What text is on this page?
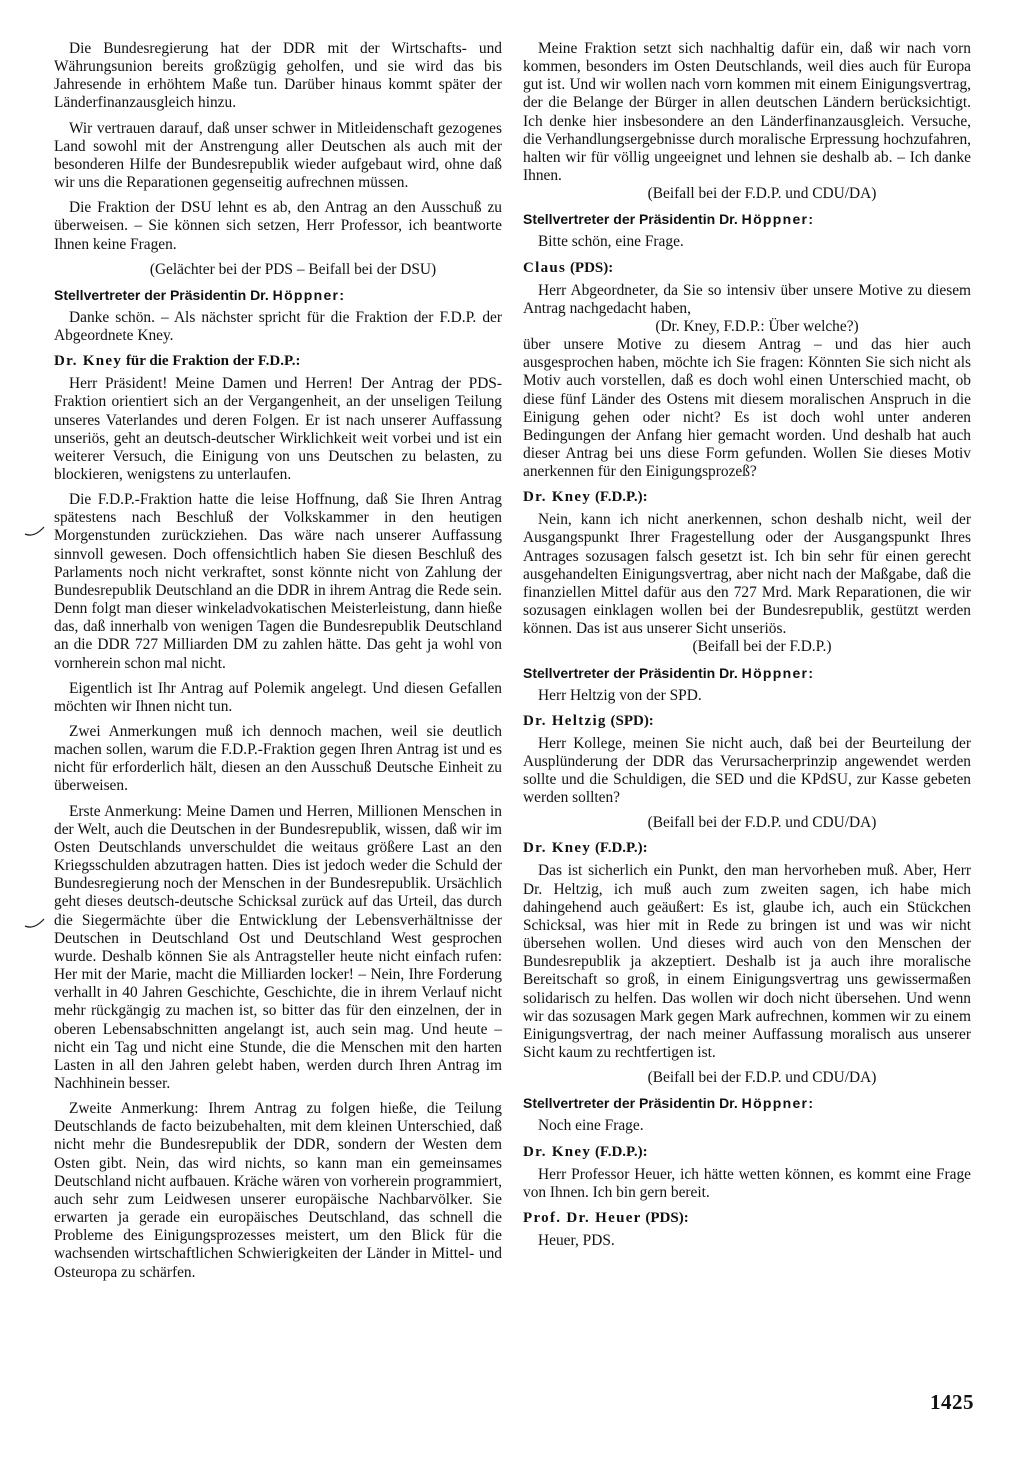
Die Bundesregierung hat der DDR mit der Wirtschafts- und Währungsunion bereits großzügig geholfen, und sie wird das bis Jahresende in erhöhtem Maße tun. Darüber hinaus kommt später der Länderfinanzausgleich hinzu.

Wir vertrauen darauf, daß unser schwer in Mitleidenschaft gezogenes Land sowohl mit der Anstrengung aller Deutschen als auch mit der besonderen Hilfe der Bundesrepublik wieder aufgebaut wird, ohne daß wir uns die Reparationen gegenseitig aufrechnen müssen.

Die Fraktion der DSU lehnt es ab, den Antrag an den Ausschuß zu überweisen. – Sie können sich setzen, Herr Professor, ich beantworte Ihnen keine Fragen.

(Gelächter bei der PDS – Beifall bei der DSU)

Stellvertreter der Präsidentin Dr. Höppner:

Danke schön. – Als nächster spricht für die Fraktion der F.D.P. der Abgeordnete Kney.

Dr. Kney für die Fraktion der F.D.P.:

Herr Präsident! Meine Damen und Herren! Der Antrag der PDS-Fraktion orientiert sich an der Vergangenheit, an der unseligen Teilung unseres Vaterlandes und deren Folgen. Er ist nach unserer Auffassung unseriös, geht an deutsch-deutscher Wirklichkeit weit vorbei und ist ein weiterer Versuch, die Einigung von uns Deutschen zu belasten, zu blockieren, wenigstens zu unterlaufen.

Die F.D.P.-Fraktion hatte die leise Hoffnung, daß Sie Ihren Antrag spätestens nach Beschluß der Volkskammer in den heutigen Morgenstunden zurückziehen. Das wäre nach unserer Auffassung sinnvoll gewesen. Doch offensichtlich haben Sie diesen Beschluß des Parlaments noch nicht verkraftet, sonst könnte nicht von Zahlung der Bundesrepublik Deutschland an die DDR in ihrem Antrag die Rede sein. Denn folgt man dieser winkeladvokatischen Meisterleistung, dann hieße das, daß innerhalb von wenigen Tagen die Bundesrepublik Deutschland an die DDR 727 Milliarden DM zu zahlen hätte. Das geht ja wohl von vornherein schon mal nicht.

Eigentlich ist Ihr Antrag auf Polemik angelegt. Und diesen Gefallen möchten wir Ihnen nicht tun.

Zwei Anmerkungen muß ich dennoch machen, weil sie deutlich machen sollen, warum die F.D.P.-Fraktion gegen Ihren Antrag ist und es nicht für erforderlich hält, diesen an den Ausschuß Deutsche Einheit zu überweisen.

Erste Anmerkung: Meine Damen und Herren, Millionen Menschen in der Welt, auch die Deutschen in der Bundesrepublik, wissen, daß wir im Osten Deutschlands unverschuldet die weitaus größere Last an den Kriegsschulden abzutragen hatten. Dies ist jedoch weder die Schuld der Bundesregierung noch der Menschen in der Bundesrepublik. Ursächlich geht dieses deutsch-deutsche Schicksal zurück auf das Urteil, das durch die Siegermächte über die Entwicklung der Lebensverhältnisse der Deutschen in Deutschland Ost und Deutschland West gesprochen wurde. Deshalb können Sie als Antragsteller heute nicht einfach rufen: Her mit der Marie, macht die Milliarden locker! – Nein, Ihre Forderung verhallt in 40 Jahren Geschichte, Geschichte, die in ihrem Verlauf nicht mehr rückgängig zu machen ist, so bitter das für den einzelnen, der in oberen Lebensabschnitten angelangt ist, auch sein mag. Und heute – nicht ein Tag und nicht eine Stunde, die die Menschen mit den harten Lasten in all den Jahren gelebt haben, werden durch Ihren Antrag im Nachhinein besser.

Zweite Anmerkung: Ihrem Antrag zu folgen hieße, die Teilung Deutschlands de facto beizubehalten, mit dem kleinen Unterschied, daß nicht mehr die Bundesrepublik der DDR, sondern der Westen dem Osten gibt. Nein, das wird nichts, so kann man ein gemeinsames Deutschland nicht aufbauen. Kräche wären von vorherein programmiert, auch sehr zum Leidwesen unserer europäische Nachbarvölker. Sie erwarten ja gerade ein europäisches Deutschland, das schnell die Probleme des Einigungsprozesses meistert, um den Blick für die wachsenden wirtschaftlichen Schwierigkeiten der Länder in Mittel- und Osteuropa zu schärfen.

Meine Fraktion setzt sich nachhaltig dafür ein, daß wir nach vorn kommen, besonders im Osten Deutschlands, weil dies auch für Europa gut ist. Und wir wollen nach vorn kommen mit einem Einigungsvertrag, der die Belange der Bürger in allen deutschen Ländern berücksichtigt. Ich denke hier insbesondere an den Länderfinanzausgleich. Versuche, die Verhandlungsergebnisse durch moralische Erpressung hochzufahren, halten wir für völlig ungeeignet und lehnen sie deshalb ab. – Ich danke Ihnen.

(Beifall bei der F.D.P. und CDU/DA)

Stellvertreter der Präsidentin Dr. Höppner:

Bitte schön, eine Frage.

Claus (PDS):

Herr Abgeordneter, da Sie so intensiv über unsere Motive zu diesem Antrag nachgedacht haben,

(Dr. Kney, F.D.P.: Über welche?)

über unsere Motive zu diesem Antrag – und das hier auch ausgesprochen haben, möchte ich Sie fragen: Könnten Sie sich nicht als Motiv auch vorstellen, daß es doch wohl einen Unterschied macht, ob diese fünf Länder des Ostens mit diesem moralischen Anspruch in die Einigung gehen oder nicht? Es ist doch wohl unter anderen Bedingungen der Anfang hier gemacht worden. Und deshalb hat auch dieser Antrag bei uns diese Form gefunden. Wollen Sie dieses Motiv anerkennen für den Einigungsprozeß?

Dr. Kney (F.D.P.):

Nein, kann ich nicht anerkennen, schon deshalb nicht, weil der Ausgangspunkt Ihrer Fragestellung oder der Ausgangspunkt Ihres Antrages sozusagen falsch gesetzt ist. Ich bin sehr für einen gerecht ausgehandelten Einigungsvertrag, aber nicht nach der Maßgabe, daß die finanziellen Mittel dafür aus den 727 Mrd. Mark Reparationen, die wir sozusagen einklagen wollen bei der Bundesrepublik, gestützt werden können. Das ist aus unserer Sicht unseriös.

(Beifall bei der F.D.P.)

Stellvertreter der Präsidentin Dr. Höppner:

Herr Heltzig von der SPD.

Dr. Heltzig (SPD):

Herr Kollege, meinen Sie nicht auch, daß bei der Beurteilung der Ausplünderung der DDR das Verursacherprinzip angewendet werden sollte und die Schuldigen, die SED und die KPdSU, zur Kasse gebeten werden sollten?

(Beifall bei der F.D.P. und CDU/DA)

Dr. Kney (F.D.P.):

Das ist sicherlich ein Punkt, den man hervorheben muß. Aber, Herr Dr. Heltzig, ich muß auch zum zweiten sagen, ich habe mich dahingehend auch geäußert: Es ist, glaube ich, auch ein Stückchen Schicksal, was hier mit in Rede zu bringen ist und was wir nicht übersehen wollen. Und dieses wird auch von den Menschen der Bundesrepublik ja akzeptiert. Deshalb ist ja auch ihre moralische Bereitschaft so groß, in einem Einigungsvertrag uns gewissermaßen solidarisch zu helfen. Das wollen wir doch nicht übersehen. Und wenn wir das sozusagen Mark gegen Mark aufrechnen, kommen wir zu einem Einigungsvertrag, der nach meiner Auffassung moralisch aus unserer Sicht kaum zu rechtfertigen ist.

(Beifall bei der F.D.P. und CDU/DA)

Stellvertreter der Präsidentin Dr. Höppner:

Noch eine Frage.

Dr. Kney (F.D.P.):

Herr Professor Heuer, ich hätte wetten können, es kommt eine Frage von Ihnen. Ich bin gern bereit.

Prof. Dr. Heuer (PDS):

Heuer, PDS.

1425
